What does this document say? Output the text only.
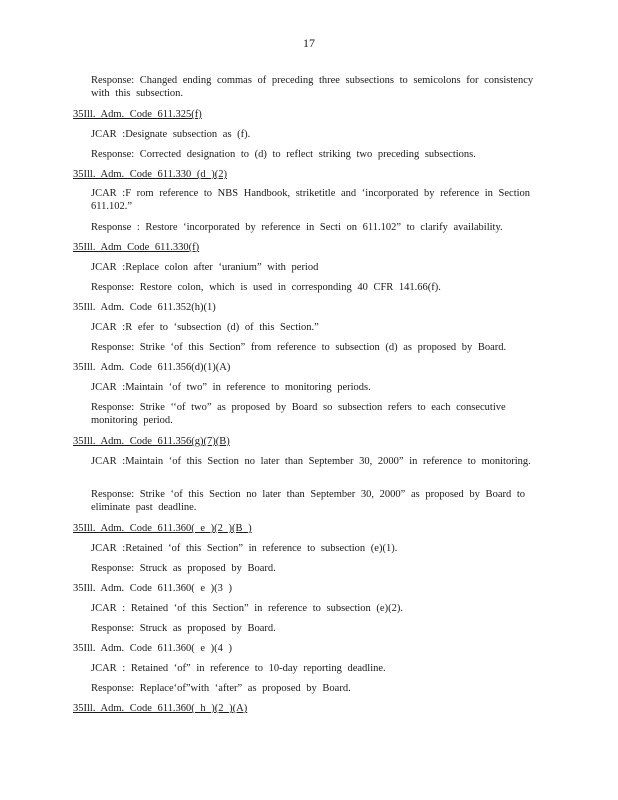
17
Response: Changed ending commas of preceding three subsections to semicolons for consistency with this subsection.
35Ill. Adm. Code 611.325(f)
JCAR :Designate subsection as (f).
Response: Corrected designation to (d) to reflect striking two preceding subsections.
35Ill. Adm. Code 611.330 (d )(2)
JCAR :F rom reference to NBS Handbook, striketitle and ‘incorporated by reference in Section 611.102.”
Response : Restore ‘incorporated by reference in Secti on 611.102” to clarify availability.
35Ill. Adm Code 611.330(f)
JCAR :Replace colon after ‘uranium” with period
Response: Restore colon, which is used in corresponding 40 CFR 141.66(f).
35Ill. Adm. Code 611.352(h)(1)
JCAR :R efer to ‘subsection (d) of this Section.”
Response: Strike ‘of this Section” from reference to subsection (d) as proposed by Board.
35Ill. Adm. Code 611.356(d)(1)(A)
JCAR :Maintain ‘of two” in reference to monitoring periods.
Response: Strike ‘‘of two” as proposed by Board so subsection refers to each consecutive monitoring period.
35Ill. Adm. Code 611.356(g)(7)(B)
JCAR :Maintain ‘of this Section no later than September 30, 2000” in reference to monitoring.
Response: Strike ‘of this Section no later than September 30, 2000” as proposed by Board to eliminate past deadline.
35Ill. Adm. Code 611.360( e )(2 )(B )
JCAR :Retained ‘of this Section” in reference to subsection (e)(1).
Response: Struck as proposed by Board.
35Ill. Adm. Code 611.360( e )(3 )
JCAR : Retained ‘of this Section” in reference to subsection (e)(2).
Response: Struck as proposed by Board.
35Ill. Adm. Code 611.360( e )(4 )
JCAR : Retained ‘of” in reference to 10-day reporting deadline.
Response: Replace‘of”with ‘after” as proposed by Board.
35Ill. Adm. Code 611.360( h )(2 )(A)
